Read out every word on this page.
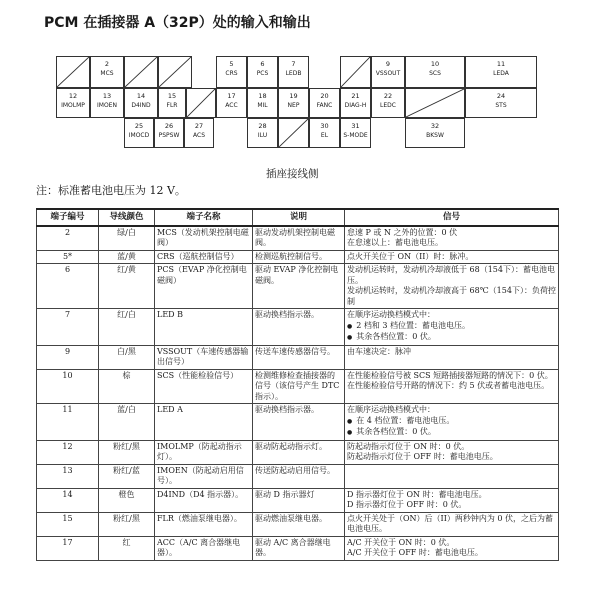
PCM 在插接器 A（32P）处的输入和输出
2
MCS
5
CRS
6
PCS
7
LEDB
9
VSSOUT
10
SCS
11
LEDA
12
IMOLMP
13
IMOEN
14
D4IND
15
FLR
17
ACC
18
MIL
19
NEP
20
FANC
21
DIAG-H
22
LEDC
24
STS
25
IMOCD
26
PSPSW
27
ACS
28
ILU
30
EL
31
S-MODE
32
BKSW
插座接线侧
注：标准蓄电池电压为 12 V。
端子编号	导线颜色	端子名称	说明	信号
2	绿/白	MCS（发动机架控制电磁阀）	驱动发动机架控制电磁阀。	怠速 P 或 N 之外的位置：0 伏
在怠速以上：蓄电池电压。

5*	蓝/黄	CRS（巡航控制信号）	检测巡航控制信号。	点火开关位于 ON（II）时：脉冲。

6	红/黄	PCS（EVAP 净化控制电磁阀）	驱动 EVAP 净化控制电磁阀。	发动机运转时，发动机冷却液低于 68（154下）：蓄电池电压。
发动机运转时，发动机冷却液高于 68℃（154下）：负荷控制

7	红/白	LED B	驱动换档指示器。	在顺序运动换档模式中：
● 2 档和 3 档位置：蓄电池电压。
● 其余各档位置：0 伏。

9	白/黑	VSSOUT（车速传感器输出信号）	传送车速传感器信号。	由车速决定：脉冲

10	棕	SCS（性能检验信号）	检测维修检查插接器的信号（该信号产生 DTC 指示）。	在性能检验信号被 SCS 短路插接器短路的情况下：0 伏。
在性能检验信号开路的情况下：约 5 伏或者蓄电池电压。

11	蓝/白	LED A	驱动换档指示器。	在顺序运动换档模式中：
● 在 4 档位置：蓄电池电压。
● 其余各档位置：0 伏。

12	粉红/黑	IMOLMP（防起动指示灯）。	驱动防起动指示灯。	防起动指示灯位于 ON 时：0 伏。
防起动指示灯位于 OFF 时：蓄电池电压。

13	粉红/蓝	IMOEN（防起动启用信号）。	传送防起动启用信号。	
14	橙色	D4IND（D4 指示器）。	驱动 D 指示器灯	D 指示器灯位于 ON 时：蓄电池电压。
D 指示器灯位于 OFF 时：0 伏。

15	粉红/黑	FLR（燃油泵继电器）。	驱动燃油泵继电器。	点火开关处于（ON）后（II）两秒钟内为 0 伏，之后为蓄电池电压。

17	红	ACC（A/C 离合器继电器）。	驱动 A/C 离合器继电器。	A/C 开关位于 ON 时：0 伏。
A/C 开关位于 OFF 时：蓄电池电压。
